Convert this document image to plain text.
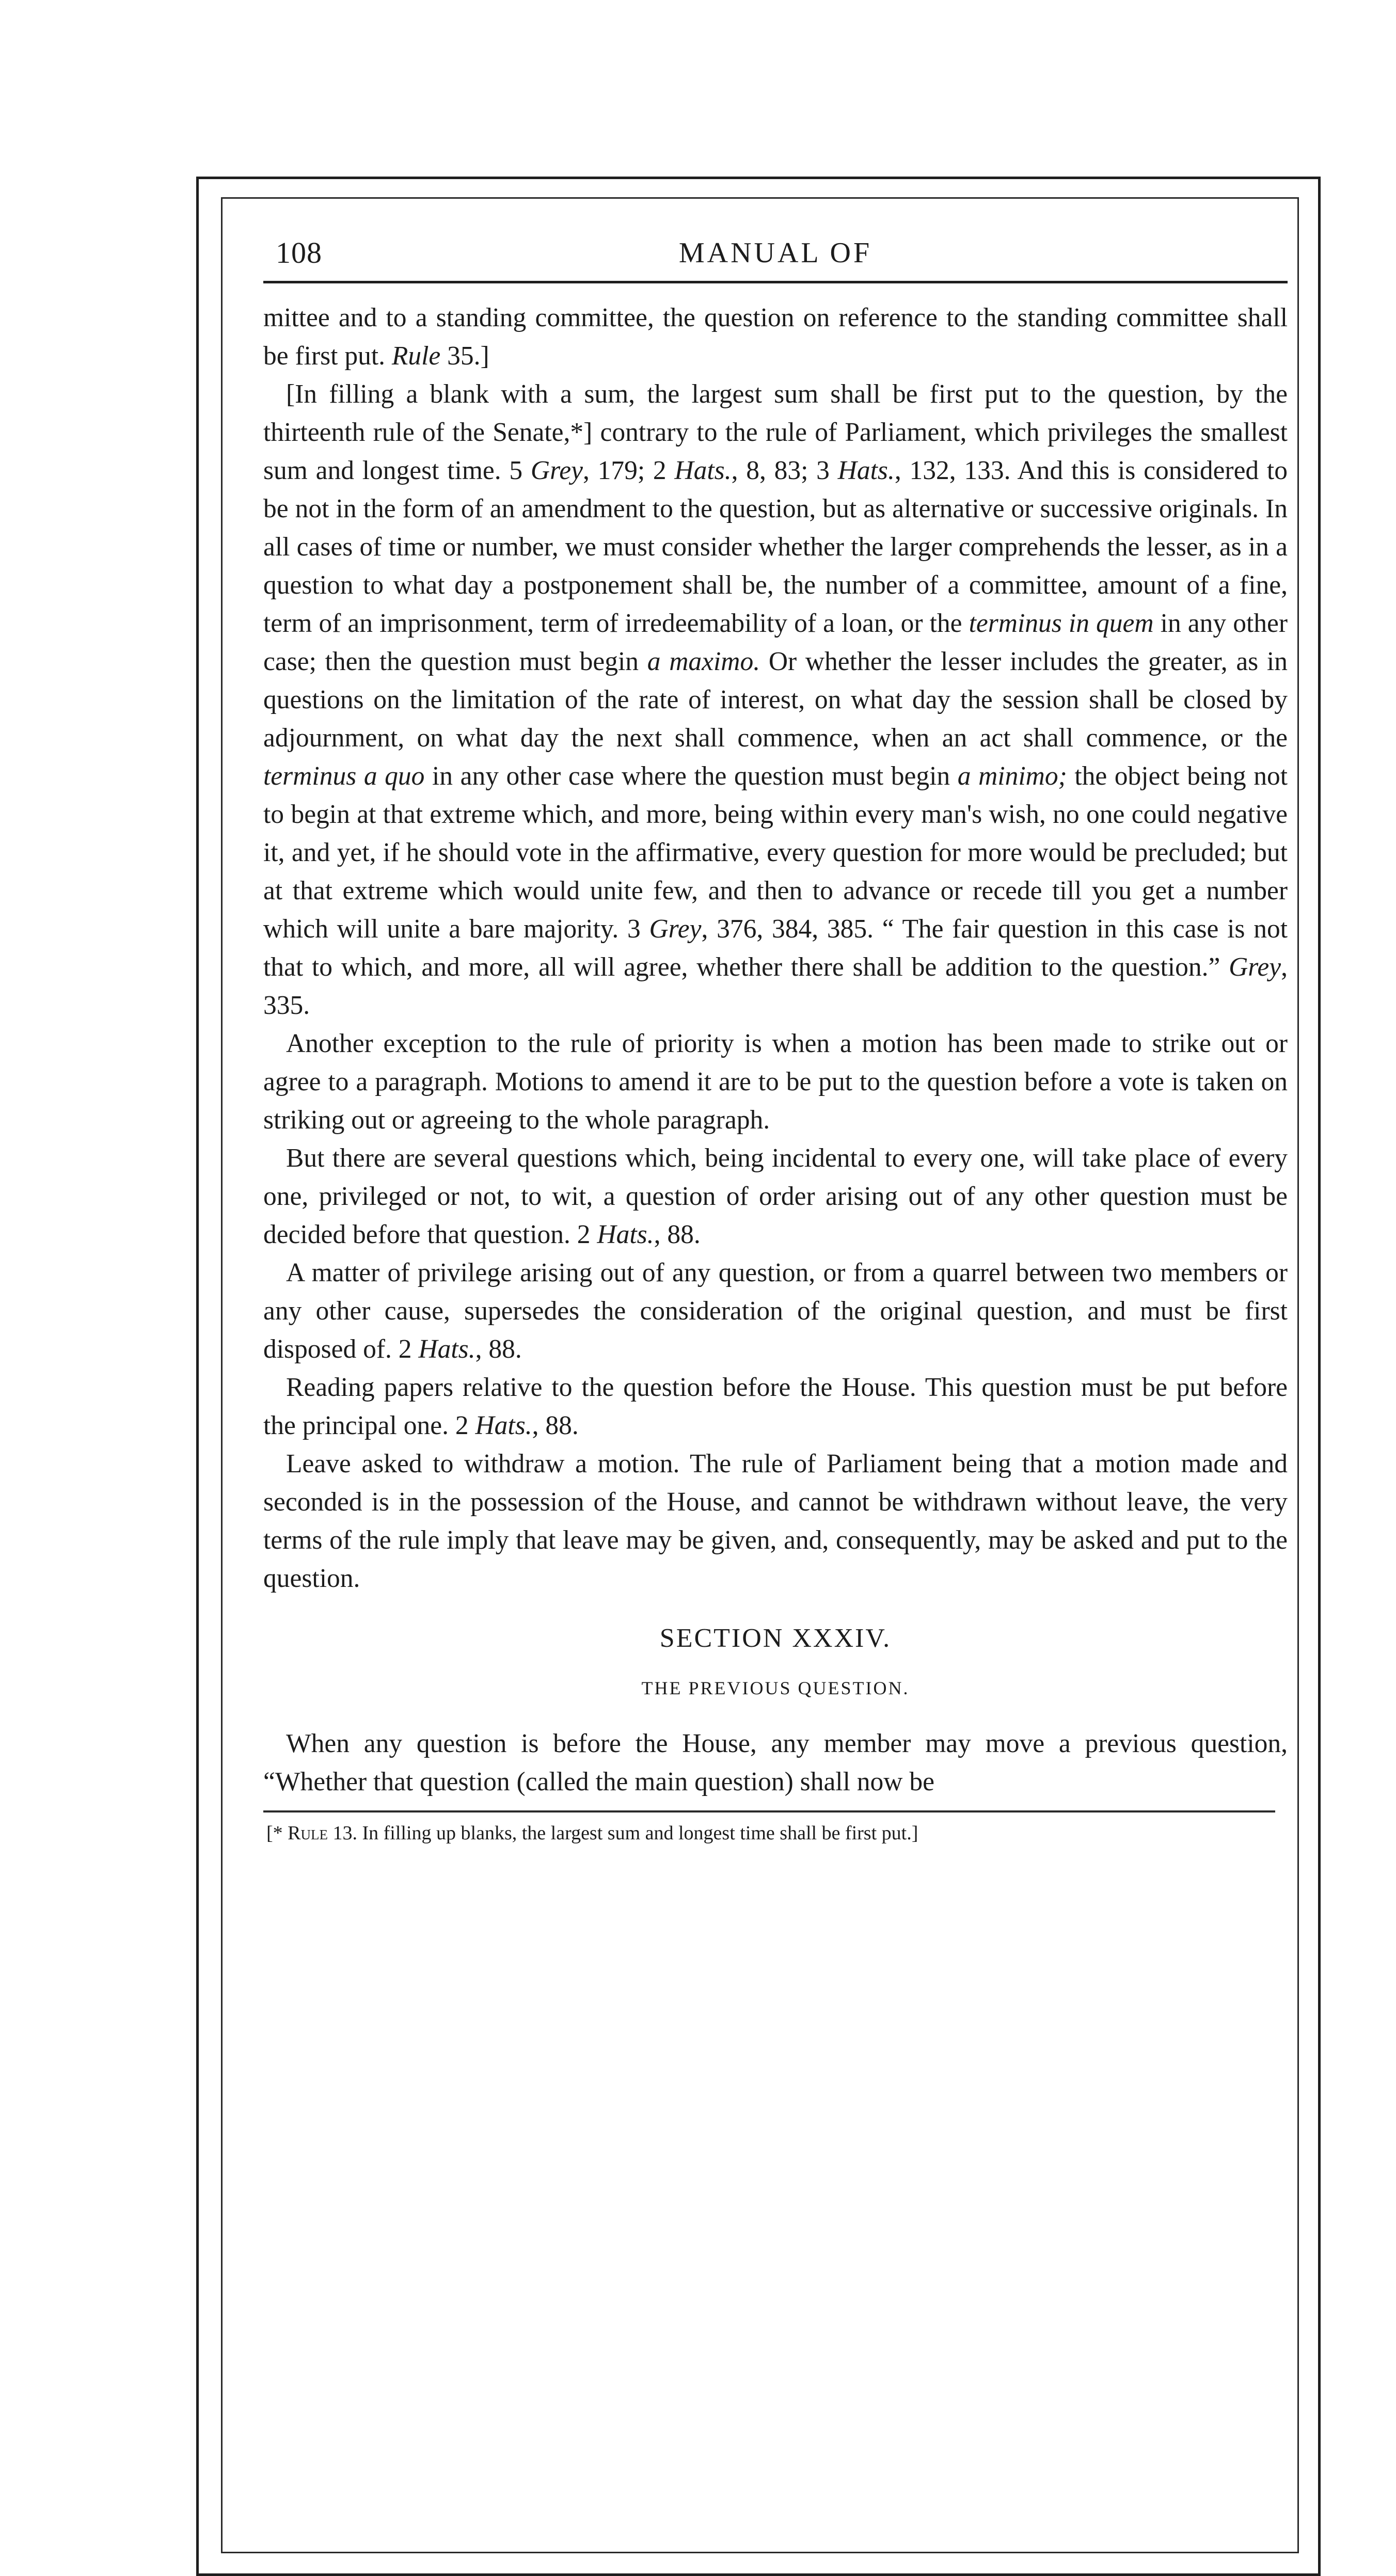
108	MANUAL OF

mittee and to a standing committee, the question on reference to the standing committee shall be first put. Rule 35.]

[In filling a blank with a sum, the largest sum shall be first put to the question, by the thirteenth rule of the Senate,*] contrary to the rule of Parliament, which privileges the smallest sum and longest time. 5 Grey, 179; 2 Hats., 8, 83; 3 Hats., 132, 133. And this is considered to be not in the form of an amendment to the question, but as alternative or successive originals. In all cases of time or number, we must consider whether the larger comprehends the lesser, as in a question to what day a postponement shall be, the number of a committee, amount of a fine, term of an imprisonment, term of irredeemability of a loan, or the terminus in quem in any other case; then the question must begin a maximo. Or whether the lesser includes the greater, as in questions on the limitation of the rate of interest, on what day the session shall be closed by adjournment, on what day the next shall commence, when an act shall commence, or the terminus a quo in any other case where the question must begin a minimo; the object being not to begin at that extreme which, and more, being within every man's wish, no one could negative it, and yet, if he should vote in the affirmative, every question for more would be precluded; but at that extreme which would unite few, and then to advance or recede till you get a number which will unite a bare majority. 3 Grey, 376, 384, 385. “ The fair question in this case is not that to which, and more, all will agree, whether there shall be addition to the question.” Grey, 335.

Another exception to the rule of priority is when a motion has been made to strike out or agree to a paragraph. Motions to amend it are to be put to the question before a vote is taken on striking out or agreeing to the whole paragraph.

But there are several questions which, being incidental to every one, will take place of every one, privileged or not, to wit, a question of order arising out of any other question must be decided before that question. 2 Hats., 88.

A matter of privilege arising out of any question, or from a quarrel between two members or any other cause, supersedes the consideration of the original question, and must be first disposed of. 2 Hats., 88.

Reading papers relative to the question before the House. This question must be put before the principal one. 2 Hats., 88.

Leave asked to withdraw a motion. The rule of Parliament being that a motion made and seconded is in the possession of the House, and cannot be withdrawn without leave, the very terms of the rule imply that leave may be given, and, consequently, may be asked and put to the question.

SECTION XXXIV.
THE PREVIOUS QUESTION.

When any question is before the House, any member may move a previous question, “Whether that question (called the main question) shall now be

[* Rule 13. In filling up blanks, the largest sum and longest time shall be first put.]
